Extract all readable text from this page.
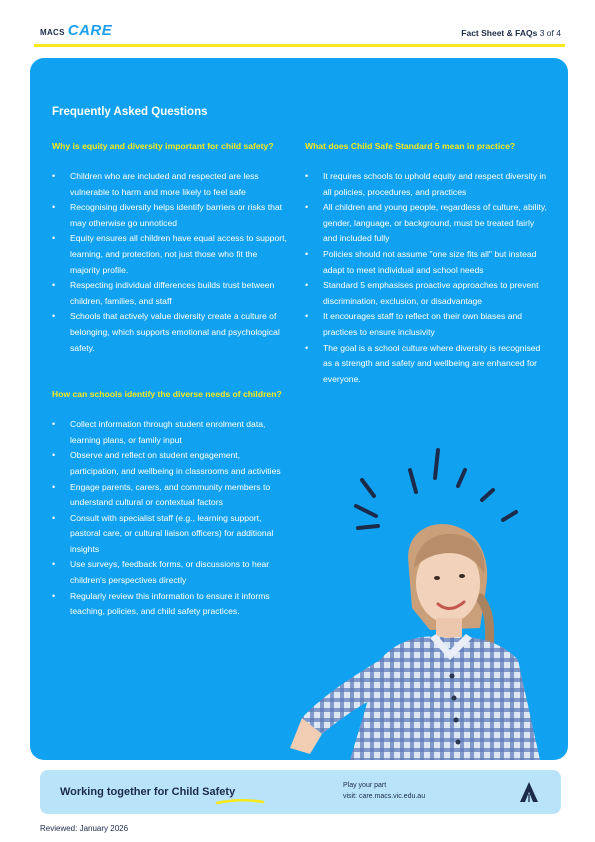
MACS CARE	Fact Sheet & FAQs 3 of 4
Frequently Asked Questions
Why is equity and diversity important for child safety?
• Children who are included and respected are less vulnerable to harm and more likely to feel safe
• Recognising diversity helps identify barriers or risks that may otherwise go unnoticed
• Equity ensures all children have equal access to support, learning, and protection, not just those who fit the majority profile.
• Respecting individual differences builds trust between children, families, and staff
• Schools that actively value diversity create a culture of belonging, which supports emotional and psychological safety.
How can schools identify the diverse needs of children?
• Collect information through student enrolment data, learning plans, or family input
• Observe and reflect on student engagement, participation, and wellbeing in classrooms and activities
• Engage parents, carers, and community members to understand cultural or contextual factors
• Consult with specialist staff (e.g., learning support, pastoral care, or cultural liaison officers) for additional insights
• Use surveys, feedback forms, or discussions to hear children's perspectives directly
• Regularly review this information to ensure it informs teaching, policies, and child safety practices.
What does Child Safe Standard 5 mean in practice?
• It requires schools to uphold equity and respect diversity in all policies, procedures, and practices
• All children and young people, regardless of culture, ability, gender, language, or background, must be treated fairly and included fully
• Policies should not assume "one size fits all" but instead adapt to meet individual and school needs
• Standard 5 emphasises proactive approaches to prevent discrimination, exclusion, or disadvantage
• It encourages staff to reflect on their own biases and practices to ensure inclusivity
• The goal is a school culture where diversity is recognised as a strength and safety and wellbeing are enhanced for everyone.
Working together for Child Safety
Play your part
visit: care.macs.vic.edu.au
Reviewed: January 2026
